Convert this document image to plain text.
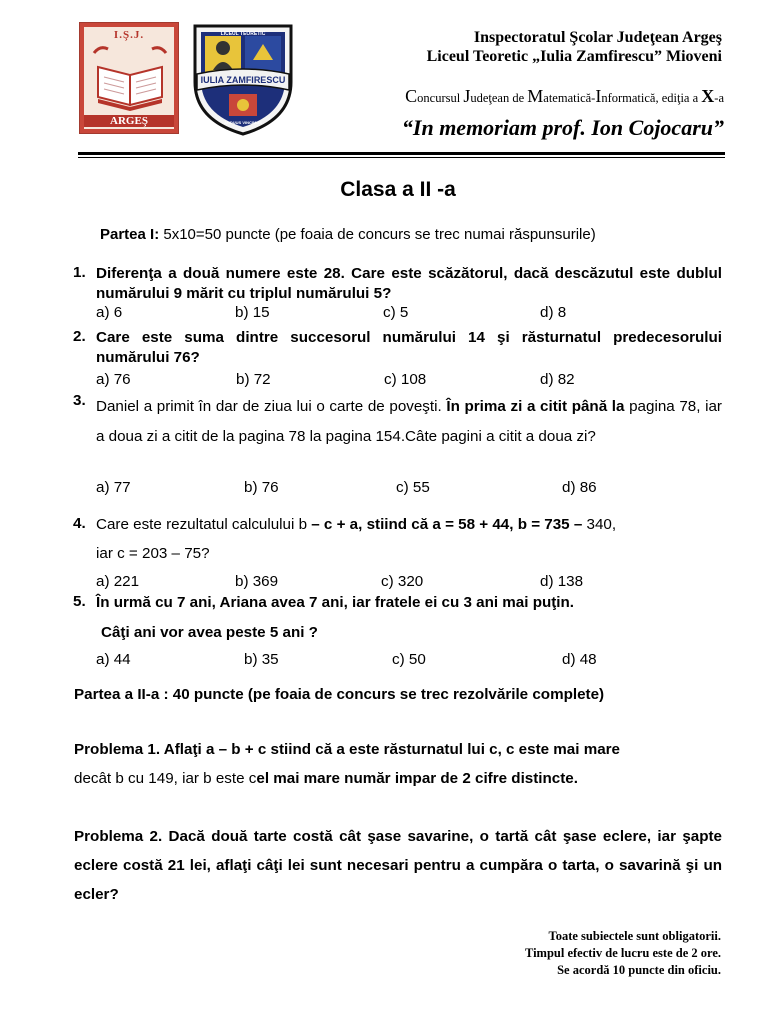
I.Ş.J.
ARGEŞ
IULIA ZAMFIRESCU
LICEUL TEORETIC
ARDUUS VINCIMUS
Inspectoratul Şcolar Judeţean Argeş
Liceul Teoretic „Iulia Zamfirescu” Mioveni
Concursul Judeţean de Matematică-Informatică, ediţia a X-a
“In memoriam prof. Ion Cojocaru”
Clasa a II -a
Partea I: 5x10=50 puncte (pe foaia de concurs se trec numai răspunsurile)
1. Diferenţa a două numere este 28. Care este scăzătorul, dacă descăzutul este dublul numărului 9 mărit cu triplul numărului 5?
a) 6	b) 15	c) 5	d) 8
2. Care este suma dintre succesorul numărului 14 şi răsturnatul predecesorului numărului 76?
a) 76	b) 72	c) 108	d) 82
3. Daniel a primit în dar de ziua lui o carte de poveşti. În prima zi a citit până la pagina 78, iar a doua zi a citit de la pagina 78 la pagina 154.Câte pagini a citit a doua zi?
a) 77	b) 76	c) 55	d) 86
4. Care este rezultatul calculului b – c + a, stiind că a = 58 + 44, b = 735 – 340,
iar c = 203 – 75?
a) 221	b) 369	c) 320	d) 138
5. În urmă cu 7 ani, Ariana avea 7 ani, iar fratele ei cu 3 ani mai puţin.
Câţi ani vor avea peste 5 ani ?
a) 44	b) 35	c) 50	d) 48
Partea a II-a : 40 puncte (pe foaia de concurs se trec rezolvările complete)
Problema 1. Aflaţi a – b + c stiind că a este răsturnatul lui c, c este mai mare
decât b cu 149, iar b este cel mai mare număr impar de 2 cifre distincte.
Problema 2. Dacă două tarte costă cât şase savarine, o tartă cât şase eclere, iar şapte eclere costă 21 lei, aflaţi câţi lei sunt necesari pentru a cumpăra o tarta, o savarină şi un ecler?
Toate subiectele sunt obligatorii.
Timpul efectiv de lucru este de 2 ore.
Se acordă 10 puncte din oficiu.
